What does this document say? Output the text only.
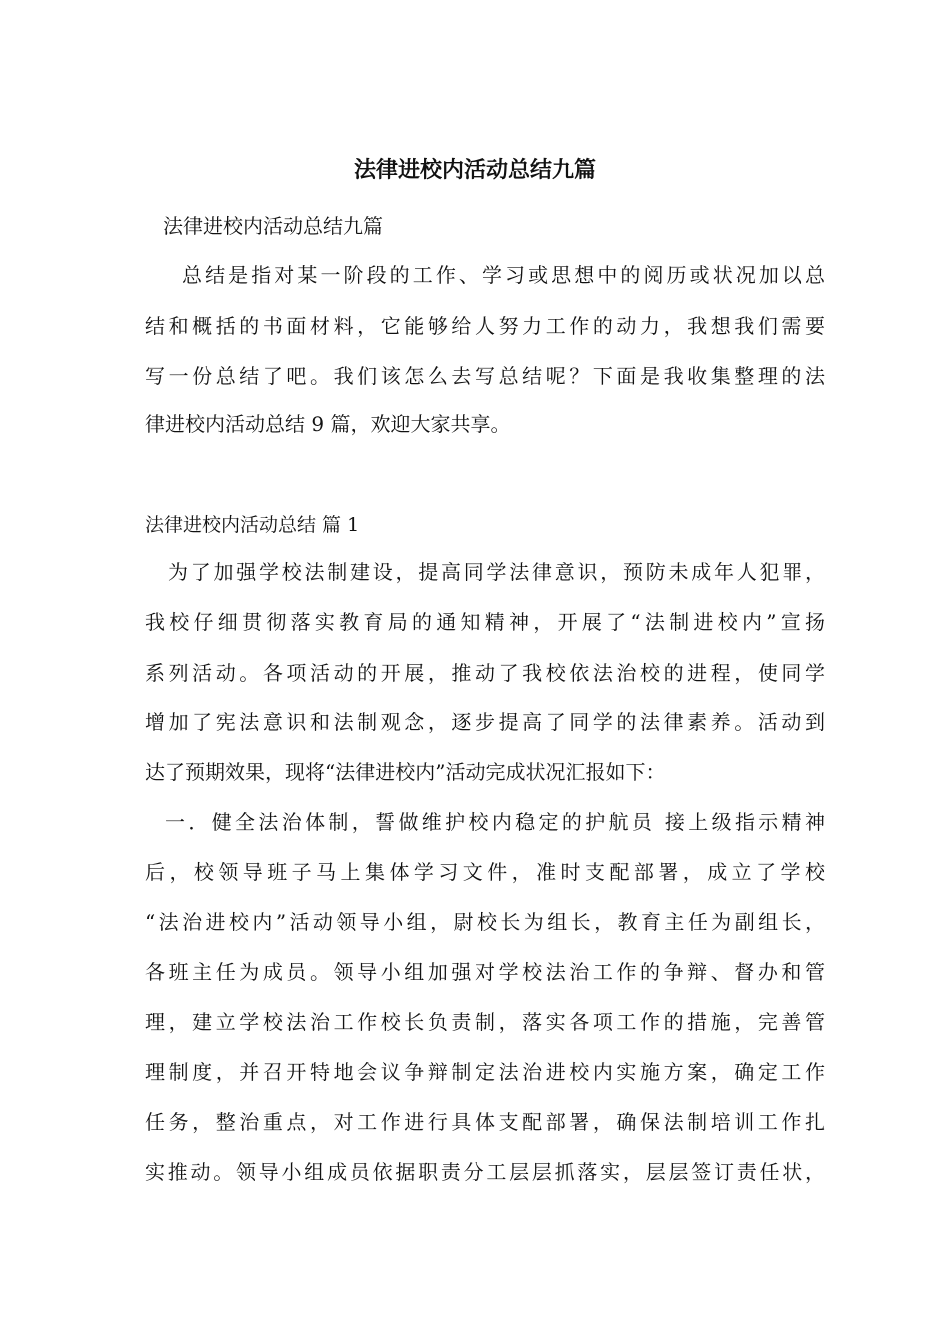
法律进校内活动总结九篇
法律进校内活动总结九篇
总结是指对某一阶段的工作、学习或思想中的阅历或状况加以总
结和概括的书面材料，它能够给人努力工作的动力，我想我们需要
写一份总结了吧。我们该怎么去写总结呢？下面是我收集整理的法
律进校内活动总结 9 篇，欢迎大家共享。
法律进校内活动总结 篇 1
为了加强学校法制建设，提高同学法律意识，预防未成年人犯罪，
我校仔细贯彻落实教育局的通知精神，开展了“法制进校内”宣扬
系列活动。各项活动的开展，推动了我校依法治校的进程，使同学
增加了宪法意识和法制观念，逐步提高了同学的法律素养。活动到
达了预期效果，现将“法律进校内”活动完成状况汇报如下：
一．健全法治体制，誓做维护校内稳定的护航员 接上级指示精神
后，校领导班子马上集体学习文件，准时支配部署，成立了学校
“法治进校内”活动领导小组，尉校长为组长，教育主任为副组长，
各班主任为成员。领导小组加强对学校法治工作的争辩、督办和管
理，建立学校法治工作校长负责制，落实各项工作的措施，完善管
理制度，并召开特地会议争辩制定法治进校内实施方案，确定工作
任务，整治重点，对工作进行具体支配部署，确保法制培训工作扎
实推动。领导小组成员依据职责分工层层抓落实，层层签订责任状，
